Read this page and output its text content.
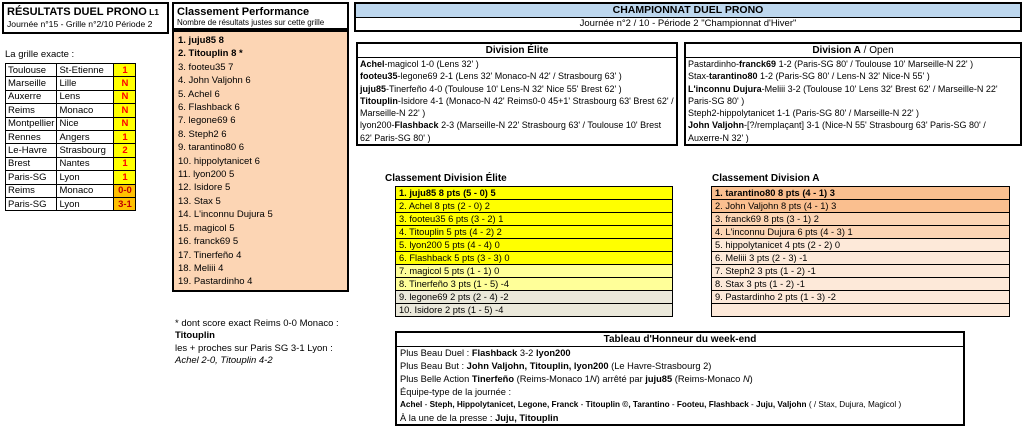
RÉSULTATS DUEL PRONO L1
Journée n°15 - Grille n°2/10 Période 2
La grille exacte :
Toulouse	St-Etienne	1
Marseille	Lille	N
Auxerre	Lens	N
Reims	Monaco	N
Montpellier	Nice	N
Rennes	Angers	1
Le-Havre	Strasbourg	2
Brest	Nantes	1
Paris-SG	Lyon	1
Reims	Monaco	0-0
Paris-SG	Lyon	3-1
Classement Performance
Nombre de résultats justes sur cette grille
1. juju85 8
2. Titouplin 8 *
3. footeu35 7
4. John Valjohn 6
5. Achel 6
6. Flashback 6
7. legone69 6
8. Steph2 6
9. tarantino80 6
10. hippolytanicet 6
11. lyon200 5
12. Isidore 5
13. Stax 5
14. L'inconnu Dujura 5
15. magicol 5
16. franck69 5
17. Tinerfeño 4
18. Meliii 4
19. Pastardinho 4
* dont score exact Reims 0-0 Monaco :
Titouplin
les + proches sur Paris SG 3-1 Lyon :
Achel 2-0, Titouplin 4-2
CHAMPIONNAT DUEL PRONO
Journée n°2 / 10 - Période 2 "Championnat d'Hiver"
Division Élite
Achel-magicol 1-0 (Lens 32' )
footeu35-legone69 2-1 (Lens 32' Monaco-N 42' / Strasbourg 63' )
juju85-Tinerfeño 4-0 (Toulouse 10' Lens-N 32' Nice 55' Brest 62' )
Titouplin-Isidore 4-1 (Monaco-N 42' Reims0-0 45+1' Strasbourg 63' Brest 62' / Marseille-N 22' )
lyon200-Flashback 2-3 (Marseille-N 22' Strasbourg 63' / Toulouse 10' Brest 62' Paris-SG 80' )
Division A / Open
Pastardinho-franck69 1-2 (Paris-SG 80' / Toulouse 10' Marseille-N 22' )
Stax-tarantino80 1-2 (Paris-SG 80' / Lens-N 32' Nice-N 55' )
L'inconnu Dujura-Meliii 3-2 (Toulouse 10' Lens 32' Brest 62' / Marseille-N 22' Paris-SG 80' )
Steph2-hippolytanicet 1-1 (Paris-SG 80' / Marseille-N 22' )
John Valjohn-[?/remplaçant] 3-1 (Nice-N 55' Strasbourg 63' Paris-SG 80' / Auxerre-N 32' )
Classement Division Élite
1. juju85 8 pts (5 - 0) 5
2. Achel 8 pts (2 - 0) 2
3. footeu35 6 pts (3 - 2) 1
4. Titouplin 5 pts (4 - 2) 2
5. lyon200 5 pts (4 - 4) 0
6. Flashback 5 pts (3 - 3) 0
7. magicol 5 pts (1 - 1) 0
8. Tinerfeño 3 pts (1 - 5) -4
9. legone69 2 pts (2 - 4) -2
10. Isidore 2 pts (1 - 5) -4
Classement Division A
1. tarantino80 8 pts (4 - 1) 3
2. John Valjohn 8 pts (4 - 1) 3
3. franck69 8 pts (3 - 1) 2
4. L'inconnu Dujura 6 pts (4 - 3) 1
5. hippolytanicet 4 pts (2 - 2) 0
6. Meliii 3 pts (2 - 3) -1
7. Steph2 3 pts (1 - 2) -1
8. Stax 3 pts (1 - 2) -1
9. Pastardinho 2 pts (1 - 3) -2
Tableau d'Honneur du week-end
Plus Beau Duel : Flashback 3-2 lyon200
Plus Beau But : John Valjohn, Titouplin, lyon200 (Le Havre-Strasbourg 2)
Plus Belle Action Tinerfeño (Reims-Monaco 1N) arrêté par juju85 (Reims-Monaco N)
Équipe-type de la journée :
Achel - Steph, Hippolytanicet, Legone, Franck - Titouplin ©, Tarantino - Footeu, Flashback - Juju, Valjohn ( / Stax, Dujura, Magicol )
À la une de la presse : Juju, Titouplin
